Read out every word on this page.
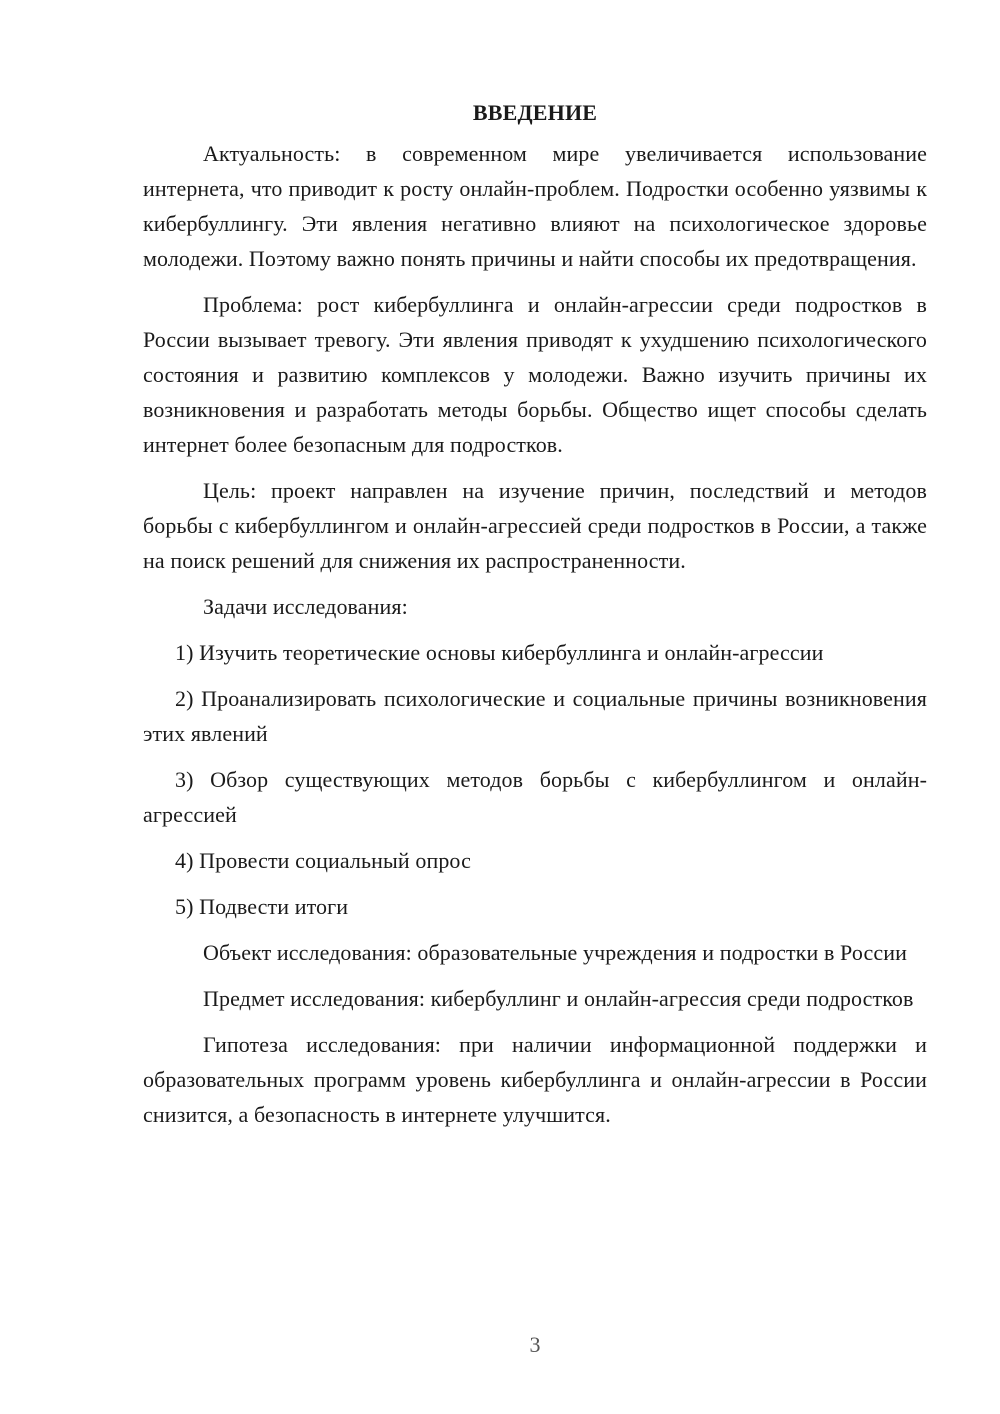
ВВЕДЕНИЕ

Актуальность: в современном мире увеличивается использование интернета, что приводит к росту онлайн-проблем. Подростки особенно уязвимы к кибербуллингу. Эти явления негативно влияют на психологическое здоровье молодежи. Поэтому важно понять причины и найти способы их предотвращения.

Проблема: рост кибербуллинга и онлайн-агрессии среди подростков в России вызывает тревогу. Эти явления приводят к ухудшению психологического состояния и развитию комплексов у молодежи. Важно изучить причины их возникновения и разработать методы борьбы. Общество ищет способы сделать интернет более безопасным для подростков.

Цель: проект направлен на изучение причин, последствий и методов борьбы с кибербуллингом и онлайн-агрессией среди подростков в России, а также на поиск решений для снижения их распространенности.

Задачи исследования:

1) Изучить теоретические основы кибербуллинга и онлайн-агрессии

2) Проанализировать психологические и социальные причины возникновения этих явлений

3) Обзор существующих методов борьбы с кибербуллингом и онлайн-агрессией

4) Провести социальный опрос

5) Подвести итоги

Объект исследования: образовательные учреждения и подростки в России

Предмет исследования: кибербуллинг и онлайн-агрессия среди подростков

Гипотеза исследования: при наличии информационной поддержки и образовательных программ уровень кибербуллинга и онлайн-агрессии в России снизится, а безопасность в интернете улучшится.

3
